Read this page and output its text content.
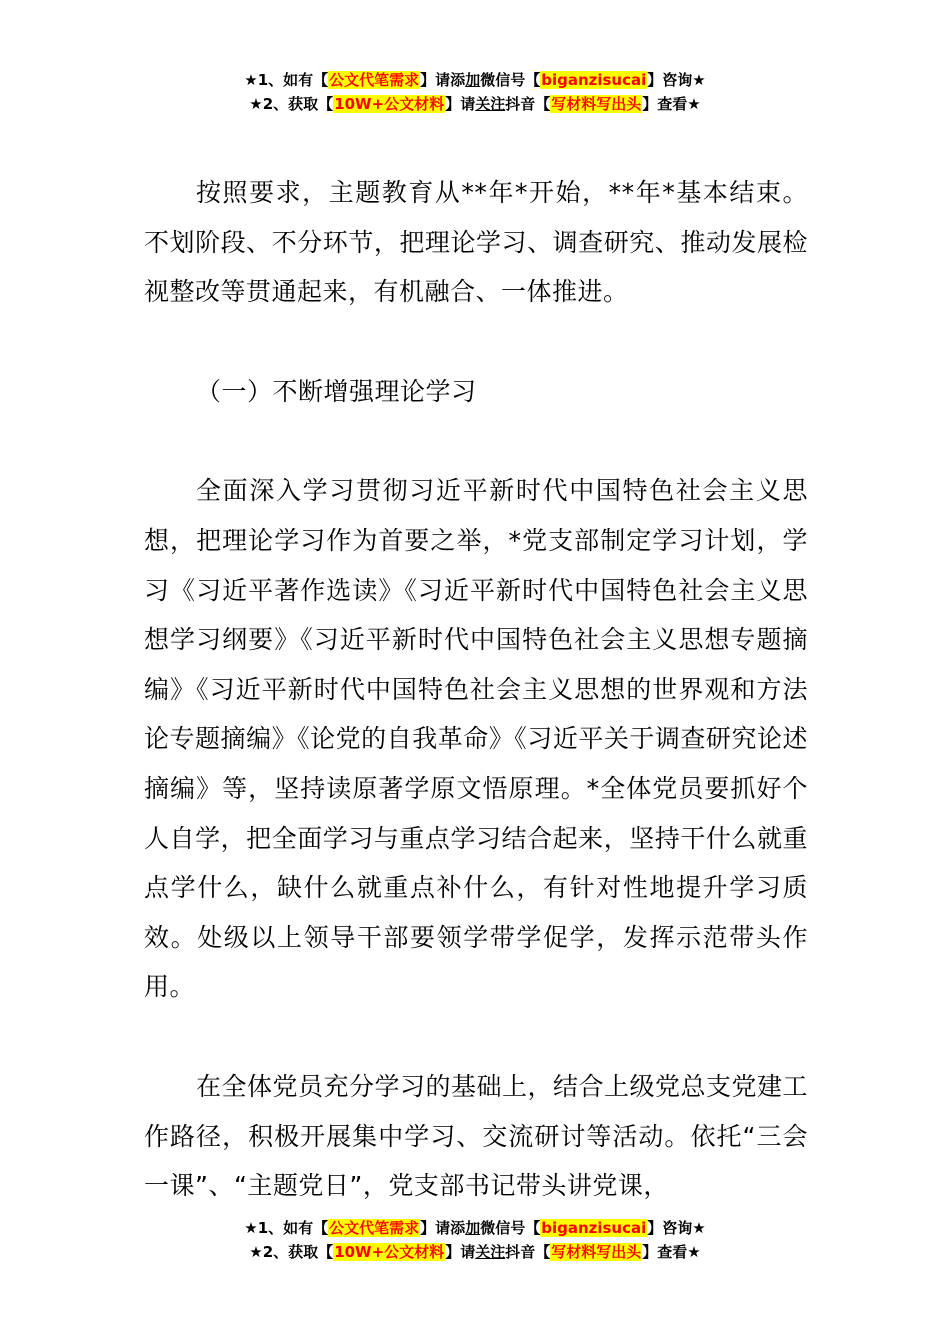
★1、如有【公文代笔需求】请添加微信号【biganzisucai】咨询★
★2、获取【10W+公文材料】请关注抖音【写材料写出头】查看★

按照要求，主题教育从**年*开始，**年*基本结束。不划阶段、不分环节，把理论学习、调查研究、推动发展检视整改等贯通起来，有机融合、一体推进。

（一）不断增强理论学习

全面深入学习贯彻习近平新时代中国特色社会主义思想，把理论学习作为首要之举，*党支部制定学习计划，学习《习近平著作选读》《习近平新时代中国特色社会主义思想学习纲要》《习近平新时代中国特色社会主义思想专题摘编》《习近平新时代中国特色社会主义思想的世界观和方法论专题摘编》《论党的自我革命》《习近平关于调查研究论述摘编》等，坚持读原著学原文悟原理。*全体党员要抓好个人自学，把全面学习与重点学习结合起来，坚持干什么就重点学什么，缺什么就重点补什么，有针对性地提升学习质效。处级以上领导干部要领学带学促学，发挥示范带头作用。

在全体党员充分学习的基础上，结合上级党总支党建工作路径，积极开展集中学习、交流研讨等活动。依托“三会一课”、“主题党日”，党支部书记带头讲党课，

★1、如有【公文代笔需求】请添加微信号【biganzisucai】咨询★
★2、获取【10W+公文材料】请关注抖音【写材料写出头】查看★
